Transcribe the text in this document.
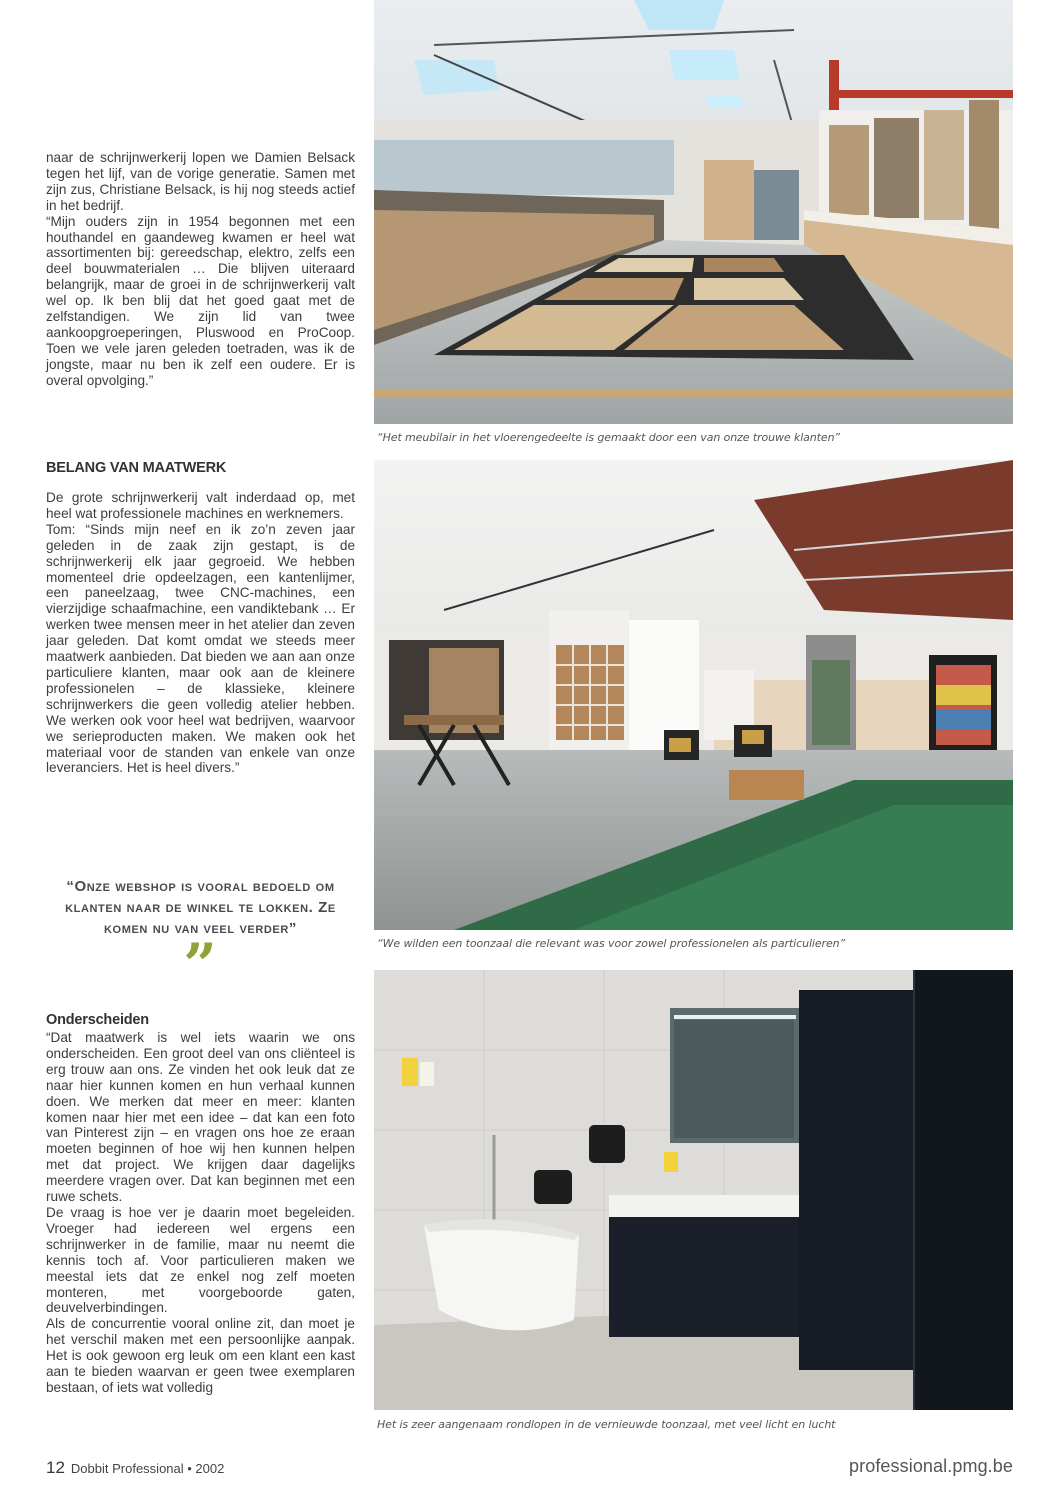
naar de schrijnwerkerij lopen we Damien Belsack tegen het lijf, van de vorige generatie. Samen met zijn zus, Christiane Belsack, is hij nog steeds actief in het bedrijf.

“Mijn ouders zijn in 1954 begonnen met een houthandel en gaandeweg kwamen er heel wat assortimenten bij: gereedschap, elektro, zelfs een deel bouwmaterialen … Die blijven uiteraard belangrijk, maar de groei in de schrijnwerkerij valt wel op. Ik ben blij dat het goed gaat met de zelfstandigen. We zijn lid van twee aankoopgroeperingen, Pluswood en ProCoop. Toen we vele jaren geleden toetraden, was ik de jongste, maar nu ben ik zelf een oudere. Er is overal opvolging.”

BELANG VAN MAATWERK

De grote schrijnwerkerij valt inderdaad op, met heel wat professionele machines en werknemers.

Tom: “Sinds mijn neef en ik zo’n zeven jaar geleden in de zaak zijn gestapt, is de schrijnwerkerij elk jaar gegroeid. We hebben momenteel drie opdeelzagen, een kantenlijmer, een paneelzaag, twee CNC-machines, een vierzijdige schaafmachine, een vandiktebank … Er werken twee mensen meer in het atelier dan zeven jaar geleden. Dat komt omdat we steeds meer maatwerk aanbieden. Dat bieden we aan aan onze particuliere klanten, maar ook aan de kleinere professionelen – de klassieke, kleinere schrijnwerkers die geen volledig atelier hebben. We werken ook voor heel wat bedrijven, waarvoor we serieproducten maken. We maken ook het materiaal voor de standen van enkele van onze leveranciers. Het is heel divers.”

“Onze webshop is vooral bedoeld om klanten naar de winkel te lokken. Ze komen nu van veel verder”

”
Onderscheiden

“Dat maatwerk is wel iets waarin we ons onderscheiden. Een groot deel van ons cliënteel is erg trouw aan ons. Ze vinden het ook leuk dat ze naar hier kunnen komen en hun verhaal kunnen doen. We merken dat meer en meer: klanten komen naar hier met een idee – dat kan een foto van Pinterest zijn – en vragen ons hoe ze eraan moeten beginnen of hoe wij hen kunnen helpen met dat project. We krijgen daar dagelijks meerdere vragen over. Dat kan beginnen met een ruwe schets.

De vraag is hoe ver je daarin moet begeleiden. Vroeger had iedereen wel ergens een schrijnwerker in de familie, maar nu neemt die kennis toch af. Voor particulieren maken we meestal iets dat ze enkel nog zelf moeten monteren, met voorgeboorde gaten, deuvelverbindingen.

Als de concurrentie vooral online zit, dan moet je het verschil maken met een persoonlijke aanpak. Het is ook gewoon erg leuk om een klant een kast aan te bieden waarvan er geen twee exemplaren bestaan, of iets wat volledig

“Het meubilair in het vloerengedeelte is gemaakt door een van onze trouwe klanten”

“We wilden een toonzaal die relevant was voor zowel professionelen als particulieren”

Het is zeer aangenaam rondlopen in de vernieuwde toonzaal, met veel licht en lucht

12 Dobbit Professional • 2002	professional.pmg.be
